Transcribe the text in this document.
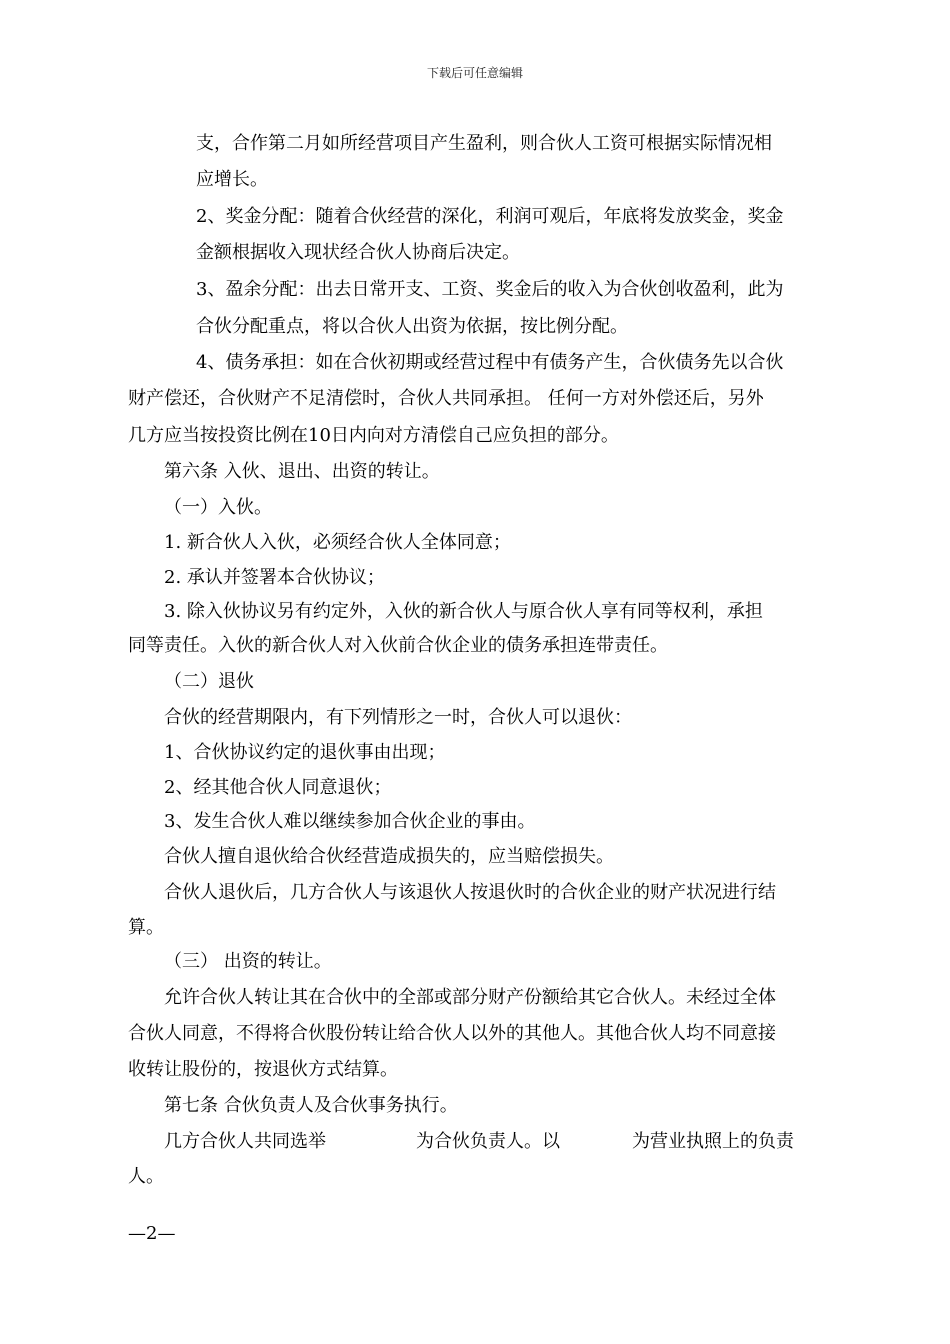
下载后可任意编辑
支，合作第二月如所经营项目产生盈利，则合伙人工资可根据实际情况相
应增长。
2、奖金分配：随着合伙经营的深化，利润可观后，年底将发放奖金，奖金
金额根据收入现状经合伙人协商后决定。
3、盈余分配：出去日常开支、工资、奖金后的收入为合伙创收盈利，此为
合伙分配重点，将以合伙人出资为依据，按比例分配。
4、债务承担：如在合伙初期或经营过程中有债务产生，合伙债务先以合伙
财产偿还，合伙财产不足清偿时，合伙人共同承担。 任何一方对外偿还后，另外
几方应当按投资比例在10日内向对方清偿自己应负担的部分。
第六条 入伙、退出、出资的转让。
（一）入伙。
1. 新合伙人入伙，必须经合伙人全体同意；
2. 承认并签署本合伙协议；
3. 除入伙协议另有约定外，入伙的新合伙人与原合伙人享有同等权利，承担
同等责任。入伙的新合伙人对入伙前合伙企业的债务承担连带责任。
（二）退伙
合伙的经营期限内，有下列情形之一时，合伙人可以退伙：
1、合伙协议约定的退伙事由出现；
2、经其他合伙人同意退伙；
3、发生合伙人难以继续参加合伙企业的事由。
合伙人擅自退伙给合伙经营造成损失的，应当赔偿损失。
合伙人退伙后，几方合伙人与该退伙人按退伙时的合伙企业的财产状况进行结
算。
（三） 出资的转让。
允许合伙人转让其在合伙中的全部或部分财产份额给其它合伙人。未经过全体
合伙人同意，不得将合伙股份转让给合伙人以外的其他人。其他合伙人均不同意接
收转让股份的，按退伙方式结算。
第七条 合伙负责人及合伙事务执行。
几方合伙人共同选举　　　　　为合伙负责人。以　　　　为营业执照上的负责
人。
—2—
